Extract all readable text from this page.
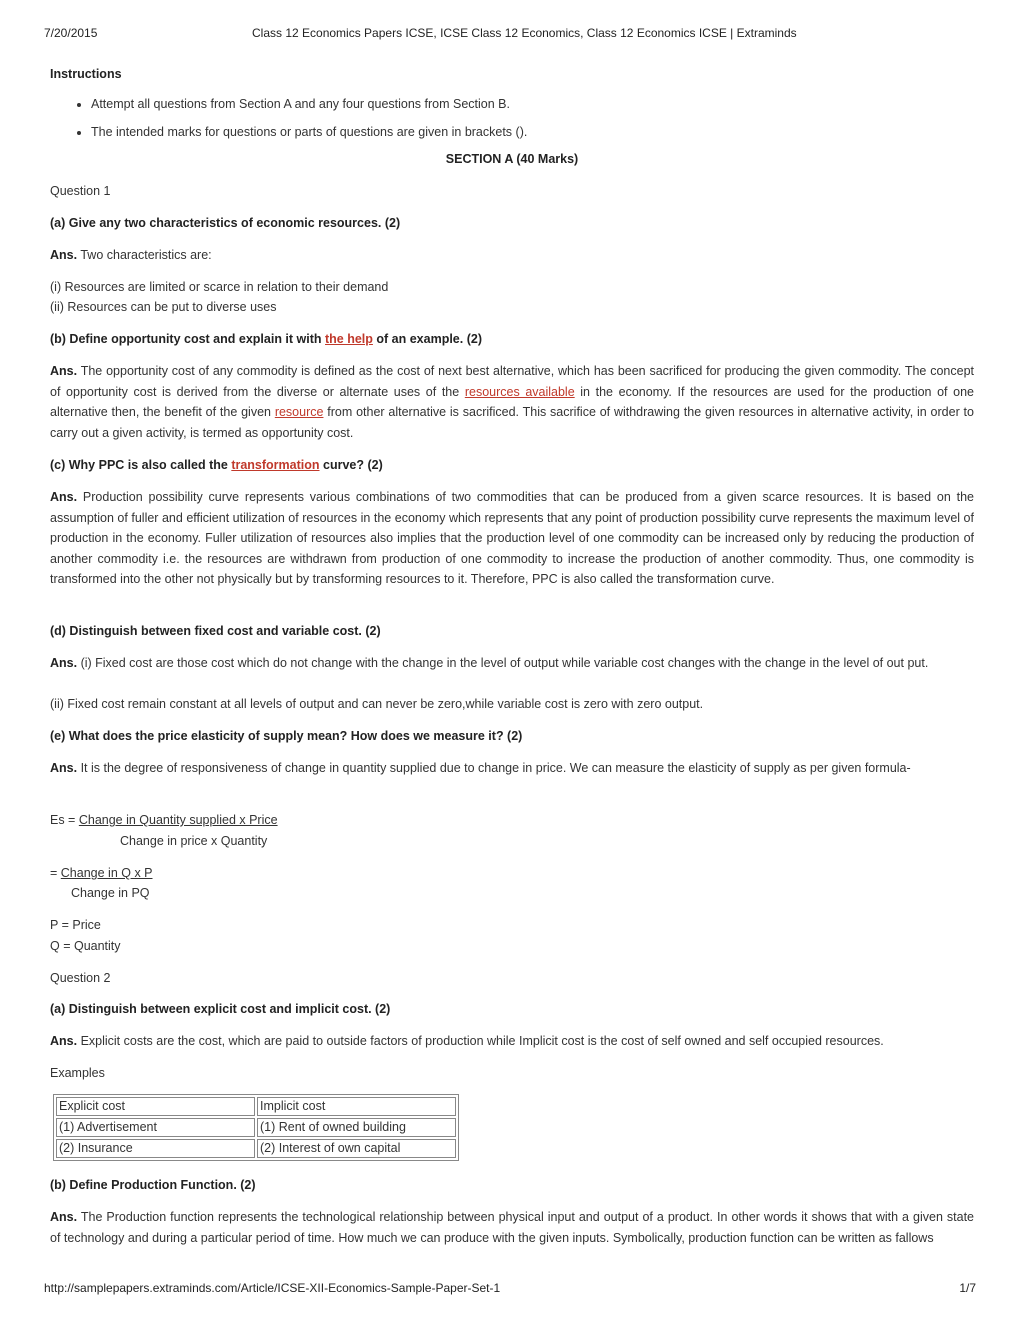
7/20/2015	Class 12 Economics Papers ICSE, ICSE Class 12 Economics, Class 12 Economics ICSE | Extraminds
Instructions
• Attempt all questions from Section A and any four questions from Section B.
• The intended marks for questions or parts of questions are given in brackets ().
SECTION A (40 Marks)
Question 1
(a) Give any two characteristics of economic resources. (2)
Ans. Two characteristics are:
(i) Resources are limited or scarce in relation to their demand
(ii) Resources can be put to diverse uses
(b) Define opportunity cost and explain it with the help of an example. (2)
Ans. The opportunity cost of any commodity is defined as the cost of next best alternative, which has been sacrificed for producing the given commodity. The concept of opportunity cost is derived from the diverse or alternate uses of the resources available in the economy. If the resources are used for the production of one alternative then, the benefit of the given resource from other alternative is sacrificed. This sacrifice of withdrawing the given resources in alternative activity, in order to carry out a given activity, is termed as opportunity cost.
(c) Why PPC is also called the transformation curve? (2)
Ans. Production possibility curve represents various combinations of two commodities that can be produced from a given scarce resources. It is based on the assumption of fuller and efficient utilization of resources in the economy which represents that any point of production possibility curve represents the maximum level of production in the economy. Fuller utilization of resources also implies that the production level of one commodity can be increased only by reducing the production of another commodity i.e. the resources are withdrawn from production of one commodity to increase the production of another commodity. Thus, one commodity is transformed into the other not physically but by transforming resources to it. Therefore, PPC is also called the transformation curve.
(d) Distinguish between fixed cost and variable cost. (2)
Ans. (i) Fixed cost are those cost which do not change with the change in the level of output while variable cost changes with the change in the level of out put.
(ii) Fixed cost remain constant at all levels of output and can never be zero,while variable cost is zero with zero output.
(e) What does the price elasticity of supply mean? How does we measure it? (2)
Ans. It is the degree of responsiveness of change in quantity supplied due to change in price. We can measure the elasticity of supply as per given formula-
Es = Change in Quantity supplied x Price
Change in price x Quantity
= Change in Q x P
Change in PQ
P = Price
Q = Quantity
Question 2
(a) Distinguish between explicit cost and implicit cost. (2)
Ans. Explicit costs are the cost, which are paid to outside factors of production while Implicit cost is the cost of self owned and self occupied resources.
Examples
Explicit cost	Implicit cost
(1) Advertisement	(1) Rent of owned building
(2) Insurance	(2) Interest of own capital
(b) Define Production Function. (2)
Ans. The Production function represents the technological relationship between physical input and output of a product. In other words it shows that with a given state of technology and during a particular period of time. How much we can produce with the given inputs. Symbolically, production function can be written as fallows
http://samplepapers.extraminds.com/Article/ICSE-XII-Economics-Sample-Paper-Set-1	1/7
